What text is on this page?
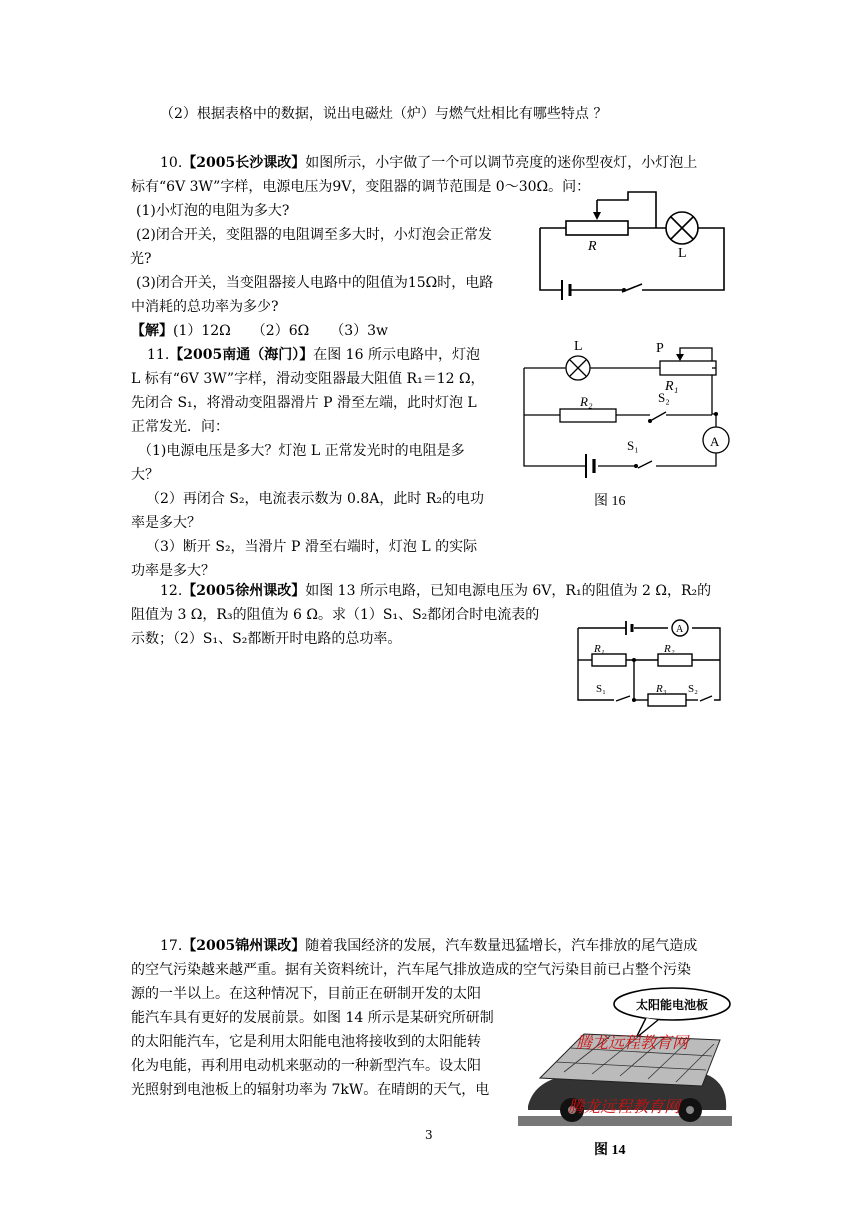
（2）根据表格中的数据，说出电磁灶（炉）与燃气灶相比有哪些特点 ？
10.【2005长沙课改】如图所示，小宇做了一个可以调节亮度的迷你型夜灯，小灯泡上
标有“6V 3W”字样，电源电压为9V，变阻器的调节范围是 0～30Ω。问：
(1)小灯泡的电阻为多大?
(2)闭合开关，变阻器的电阻调至多大时，小灯泡会正常发
光?
(3)闭合开关，当变阻器接人电路中的阻值为15Ω时，电路
中消耗的总功率为多少?
【解】(1）12Ω　　（2）6Ω　　（3）3w
R	L
11.【2005南通（海门）】在图 16 所示电路中，灯泡
L 标有“6V 3W”字样，滑动变阻器最大阻值 R₁＝12 Ω，
先闭合 S₁，将滑动变阻器滑片 P 滑至左端，此时灯泡 L
正常发光．问：
（1)电源电压是多大？灯泡 L 正常发光时的电阻是多
大？
（2）再闭合 S₂，电流表示数为 0.8A，此时 R₂的电功
率是多大？
（3）断开 S₂，当滑片 P 滑至右端时，灯泡 L 的实际
功率是多大？
L	P
R₁
R₂	S₂
S₁	A
图 16
12.【2005徐州课改】如图 13 所示电路，已知电源电压为 6V，R₁的阻值为 2 Ω，R₂的
阻值为 3 Ω，R₃的阻值为 6 Ω。求（1）S₁、S₂都闭合时电流表的
示数；（2）S₁、S₂都断开时电路的总功率。
A
R₁	R₂
S₁	R₃ S₂
17.【2005锦州课改】随着我国经济的发展，汽车数量迅猛增长，汽车排放的尾气造成
的空气污染越来越严重。据有关资料统计，汽车尾气排放造成的空气污染目前已占整个污染
源的一半以上。在这种情况下，目前正在研制开发的太阳
能汽车具有更好的发展前景。如图 14 所示是某研究所研制
的太阳能汽车，它是利用太阳能电池将接收到的太阳能转
化为电能，再利用电动机来驱动的一种新型汽车。设太阳
光照射到电池板上的辐射功率为 7kW。在晴朗的天气，电
太阳能电池板
腾龙远程教育网
腾龙远程教育网
图 14
3
